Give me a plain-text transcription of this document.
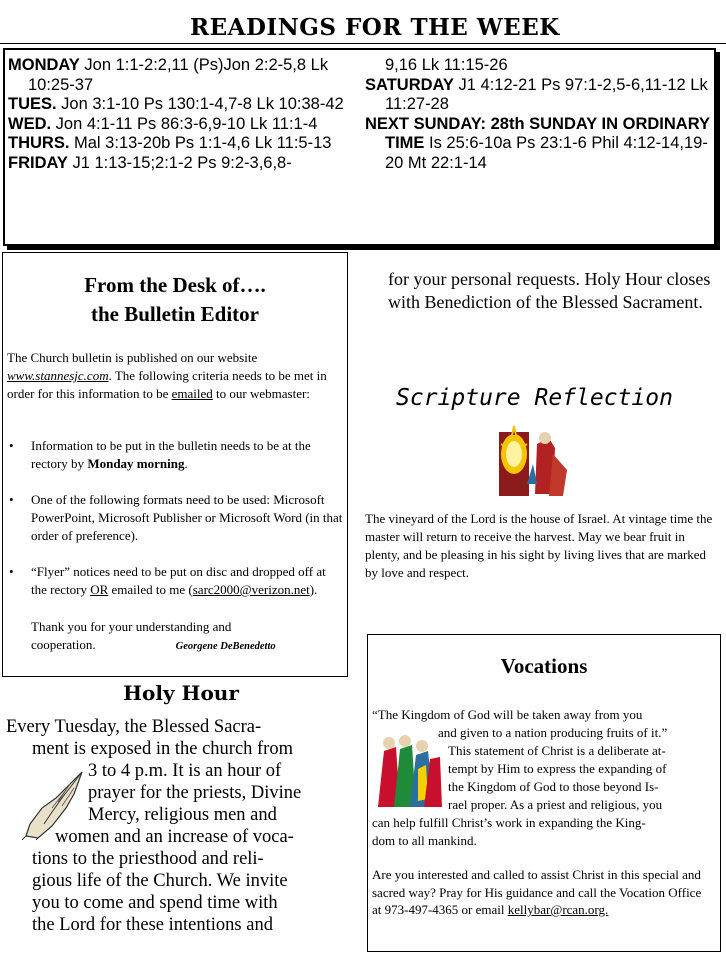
READINGS FOR THE WEEK

MONDAY Jon 1:1-2:2,11 (Ps)Jon 2:2-5,8 Lk 10:25-37

TUES. Jon 3:1-10 Ps 130:1-4,7-8 Lk 10:38-42

WED. Jon 4:1-11 Ps 86:3-6,9-10 Lk 11:1-4

THURS. Mal 3:13-20b Ps 1:1-4,6 Lk 11:5-13

FRIDAY J1 1:13-15;2:1-2 Ps 9:2-3,6,8-

9,16 Lk 11:15-26

SATURDAY J1 4:12-21 Ps 97:1-2,5-6,11-12 Lk 11:27-28

NEXT SUNDAY: 28th SUNDAY IN ORDINARY TIME Is 25:6-10a Ps 23:1-6 Phil 4:12-14,19-20 Mt 22:1-14

From the Desk of….
the Bulletin Editor
The Church bulletin is published on our website www.stannesjc.com. The following criteria needs to be met in order for this information to be emailed to our webmaster:
• Information to be put in the bulletin needs to be at the rectory by Monday morning.
• One of the following formats need to be used: Microsoft PowerPoint, Microsoft Publisher or Microsoft Word (in that order of preference).
• “Flyer” notices need to be put on disc and dropped off at the rectory OR emailed to me (sarc2000@verizon.net).
Thank you for your understanding and cooperation.	Georgene DeBenedetto
Holy Hour
Every Tuesday, the Blessed Sacra-
ment is exposed in the church from
3 to 4 p.m. It is an hour of
prayer for the priests, Divine
Mercy, religious men and
women and an increase of voca-
tions to the priesthood and reli-
gious life of the Church. We invite
you to come and spend time with
the Lord for these intentions and
for your personal requests. Holy Hour closes with Benediction of the Blessed Sacrament.
Scripture Reflection
The vineyard of the Lord is the house of Israel. At vintage time the master will return to receive the harvest. May we bear fruit in plenty, and be pleasing in his sight by living lives that are marked by love and respect.
Vocations
“The Kingdom of God will be taken away from you
and given to a nation producing fruits of it.”
This statement of Christ is a deliberate at-
tempt by Him to express the expanding of
the Kingdom of God to those beyond Is-
rael proper. As a priest and religious, you
can help fulfill Christ’s work in expanding the King-
dom to all mankind.
Are you interested and called to assist Christ in this special and sacred way? Pray for His guidance and call the Vocation Office at 973-497-4365 or email kellybar@rcan.org.
